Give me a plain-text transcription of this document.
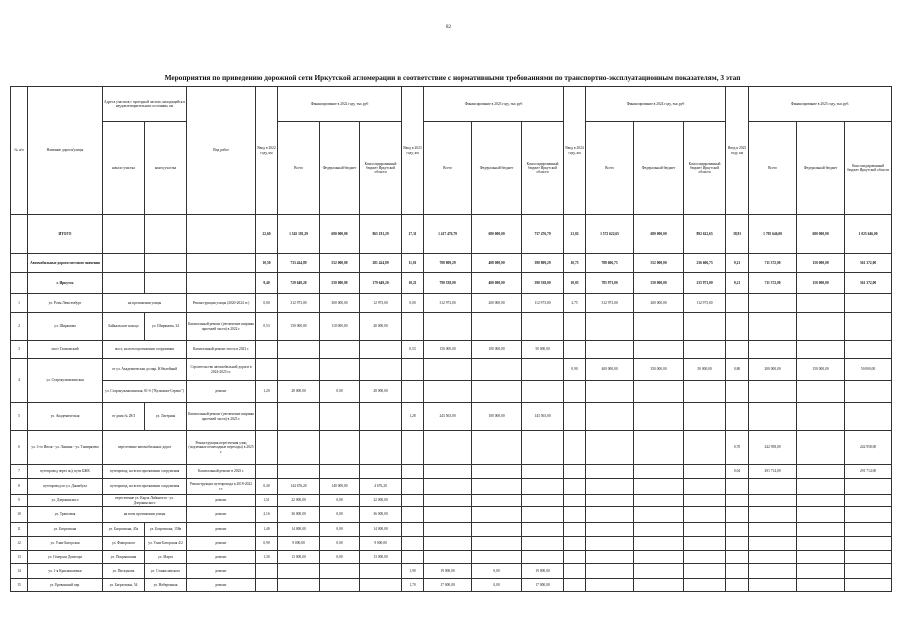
82
Мероприятия по приведению дорожной сети Иркутской агломерации в соответствие с нормативными требованиями по транспортно-эксплуатационным показателям, 3 этап
№ п/п	Название дороги/улицы	Адреса участков с проездной частью, находящейся в неудовлетворительном состоянии, км		Вид работ	Ввод в 2022 году, км	Финансирование в 2022 году, тыс.руб			Ввод в 2023 году, км	Финансирование в 2023 году, тыс.руб			Ввод в 2024 году, км	Финансирование в 2024 году, тыс.руб			Ввод в 2025 году, км	Финансирование в 2025 году, тыс.руб.		
		начало участка	конец участка			Всего	Федеральный бюджет	Консолидированный бюджет Иркутской области		Всего	Федеральный бюджет	Консолидированный бюджет Иркутской области		Всего	Федеральный бюджет	Консолидированный бюджет Иркутской области		Всего	Федеральный бюджет	Консолидированный бюджет Иркутской области
	ИТОГО				22,60	1 545 181,29	680 000,00	865 181,29	17,31	1 417 476,79	680 000,00	737 476,79	21,02	1 572 622,65	680 000,00	892 622,65	38,91	1 705 646,00	680 000,00	1 025 646,00
	Автомобильные дороги местного значения				10,50	733 424,89	552 000,00	281 424,89	11,01	708 809,29	408 000,00	390 809,29	10,75	788 606,75	552 000,00	236 606,75	9,21	711 372,00	150 000,00	561 372,00
	г. Иркутск				9,40	729 649,20	550 000,00	179 649,20	10,21	790 538,00	400 000,00	390 538,00	10,05	785 973,00	550 000,00	235 973,00	9,21	711 372,00	150 000,00	561 372,00
1	ул. Розы Люксембург	на протяжении улицы		Реконструкция улицы (2020-2024 гг.)	0,00	312 973,00	300 000,00	12 973,00	0,00	312 973,00	200 000,00	112 973,00	2,75	312 973,00	200 000,00	112 973,00				
2	ул. Ширямова	Байкальское кольцо	ул. Ширямова, 34	Капитальный ремонт (увеличение ширины проезжей части) в 2022 г.	0,53	150 000,00	110 000,00	40 000,00												
3	мост Глазковский	мост, на всем протяжении сооружения		Капитальный ремонт моста в 2023 г.					0,53	150 000,00	100 000,00	50 000,00								
4	ул. Старокузьмихинская	от ул. Академическая до мкр. Юбилейный		Строительство автомобильной дороги в 2024-2025 гг.									0,90	400 000,00	350 000,00	50 000,00	0,80	200 000,00	150 000,00	50 000,00
		ул. Старокузьмихинская, 81-б ("Кузьмиха-Сервис")		ремонт	1,20	28 000,00	0,00	28 000,00												
5	ул. Академическая	от дома № 28/3	ул. Лагерная	Капитальный ремонт (увеличение ширины проезжей части) в 2023 г.					1,28	243 565,00	100 000,00	143 565,00								
6	ул. 3-го Июля - ул. Лямина - ул. Тимирязева	пересечение автомобильных дорог		Реконструкция пересечения улиц (подземные пешеходные переходы) в 2025 г.													0,70	242 958,00		242 958,00
7	путепровод через ж/д пути БЖК	путепровод, на всем протяжении сооружения		Капитальный ремонт в 2025 г.													0,04	291 714,00		291 714,00
8	путепровод по ул. Джамбула	путепровод, на всем протяжении сооружения		Реконструкция путепровода в 2019-2022 гг.	0,40	144 676,20	140 000,00	4 676,20												
9	ул. Дзержинского	пересечение ул. Карла Либкнехта - ул. Дзержинского		ремонт	1,51	22 000,00	0,00	22 000,00												
10	ул. Трактовая	на всем протяжении улицы		ремонт	2,16	36 000,00	0,00	36 000,00												
11	ул. Багратиона	ул. Багратиона, 45а	ул. Багратиона, 158в	ремонт	1,40	14 000,00	0,00	14 000,00												
12	ул. Улан-Баторская	ул. Фаворского	ул. Улан-Баторская 4/2	ремонт	0,90	9 000,00	0,00	9 000,00												
13	ул. Генерала Доватора	ул. Покрышкина	ул. Марта	ремонт	1,30	13 000,00	0,00	13 000,00												
14	ул. 1-я Красноказачья	ул. Пискунова	ул. Станиславского	ремонт					1,90	19 000,00	0,00	19 000,00								
15	ул. Ереванский пер.	ул. Багратиона, 54	ул. Набережная	ремонт					1,70	17 000,00	0,00	17 000,00								
